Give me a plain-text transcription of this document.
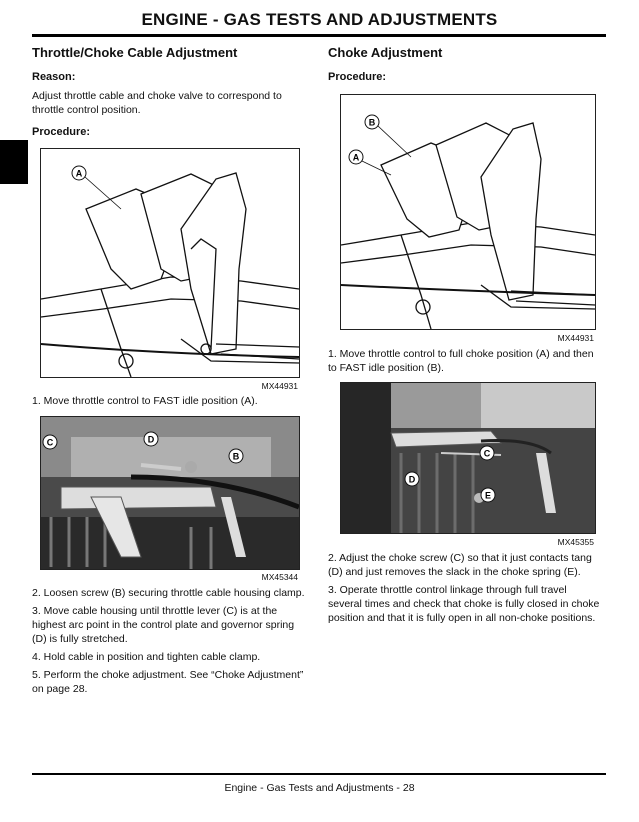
ENGINE - GAS TESTS AND ADJUSTMENTS
Throttle/Choke Cable Adjustment
Reason:
Adjust throttle cable and choke valve to correspond to
throttle control position.
Procedure:
A
MX44931
1. Move throttle control to FAST idle position (A).
C	D
B
MX45344
2. Loosen screw (B) securing throttle cable housing clamp.
3. Move cable housing until throttle lever (C) is at the
highest arc point in the control plate and governor spring
(D) is fully stretched.
4. Hold cable in position and tighten cable clamp.
5. Perform the choke adjustment. See “Choke Adjustment”
on page 28.
Choke Adjustment
Procedure:
B
A
MX44931
1. Move throttle control to full choke position (A) and then
to FAST idle position (B).
C
D
E
MX45355
2. Adjust the choke screw (C) so that it just contacts tang
(D) and just removes the slack in the choke spring (E).
3. Operate throttle control linkage through full travel
several times and check that choke is fully closed in choke
position and that it is fully open in all non-choke positions.
Engine - Gas Tests and Adjustments - 28
